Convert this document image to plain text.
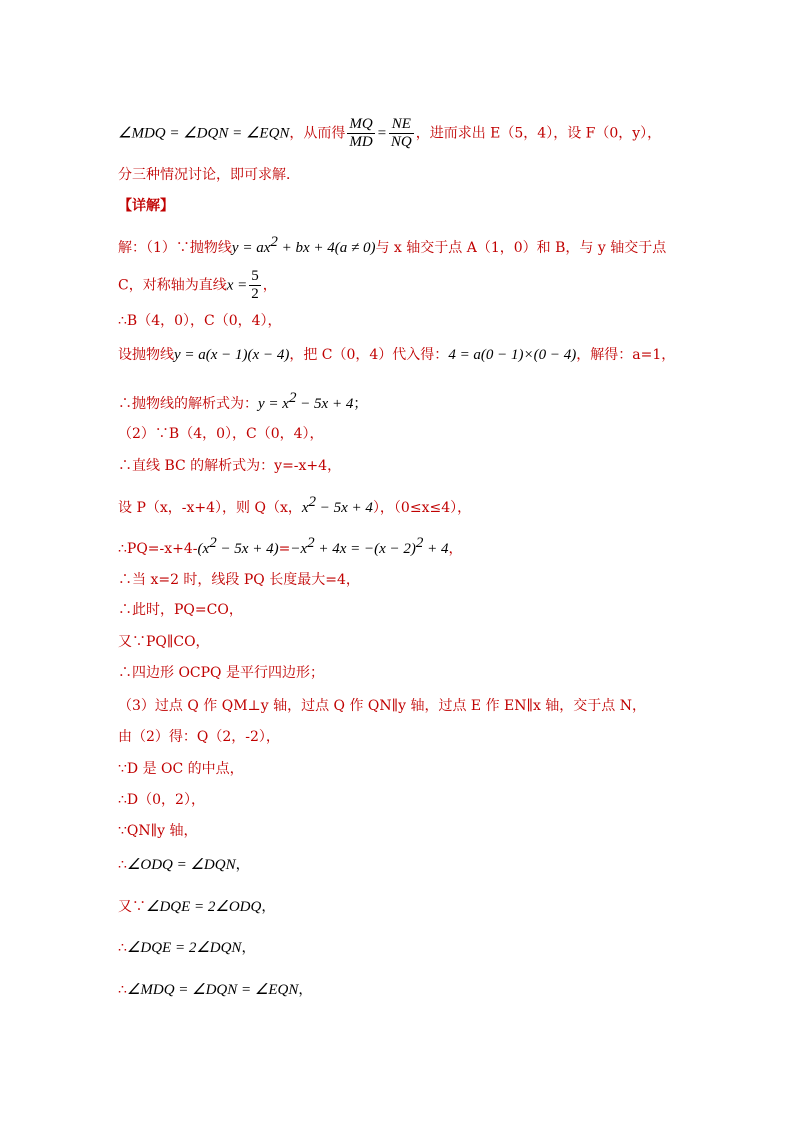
∠MDQ = ∠DQN = ∠EQN，从而得 $\frac{MQ}{MD} = \frac{NE}{NQ}$ ，进而求出 E（5，4），设 F（0，y），
分三种情况讨论，即可求解．
【详解】
解：（1）∵抛物线$y = ax^2$ + bx + 4(a ≠ 0)与 x 轴交于点 A（1，0）和 B，与 y 轴交于点
C，对称轴为直线$x = \frac{5}{2}$ ，
∴B（4，0），C（0，4），
设抛物线y = a(x − 1)(x − 4)，把 C（0，4）代入得：4 = a(0 − 1)×(0 − 4)，解得：a=1，
∴抛物线的解析式为：$y = x^2 - 5x + 4$；
（2）∵B（4，0），C（0，4），
∴直线 BC 的解析式为：y=-x+4，
设 P（x，-x+4），则 Q（x，$x^2 - 5x + 4$），（0≤x≤4），
$\therefore PQ=-x+4-(x^2 - 5x + 4)=-x^2 + 4x = -(x - 2)^2 + 4$，
∴当 x=2 时，线段 PQ 长度最大=4，
∴此时，PQ=CO，
又∵PQ∥CO，
∴四边形 OCPQ 是平行四边形；
（3）过点 Q 作 QM⊥y 轴，过点 Q 作 QN∥y 轴，过点 E 作 EN∥x 轴，交于点 N，
由（2）得：Q（2，-2），
∵D 是 OC 的中点，
∴D（0，2），
∵QN∥y 轴，
∴∠ODQ = ∠DQN，
又∵∠DQE = 2∠ODQ，
∴∠DQE = 2∠DQN，
∴∠MDQ = ∠DQN = ∠EQN，
